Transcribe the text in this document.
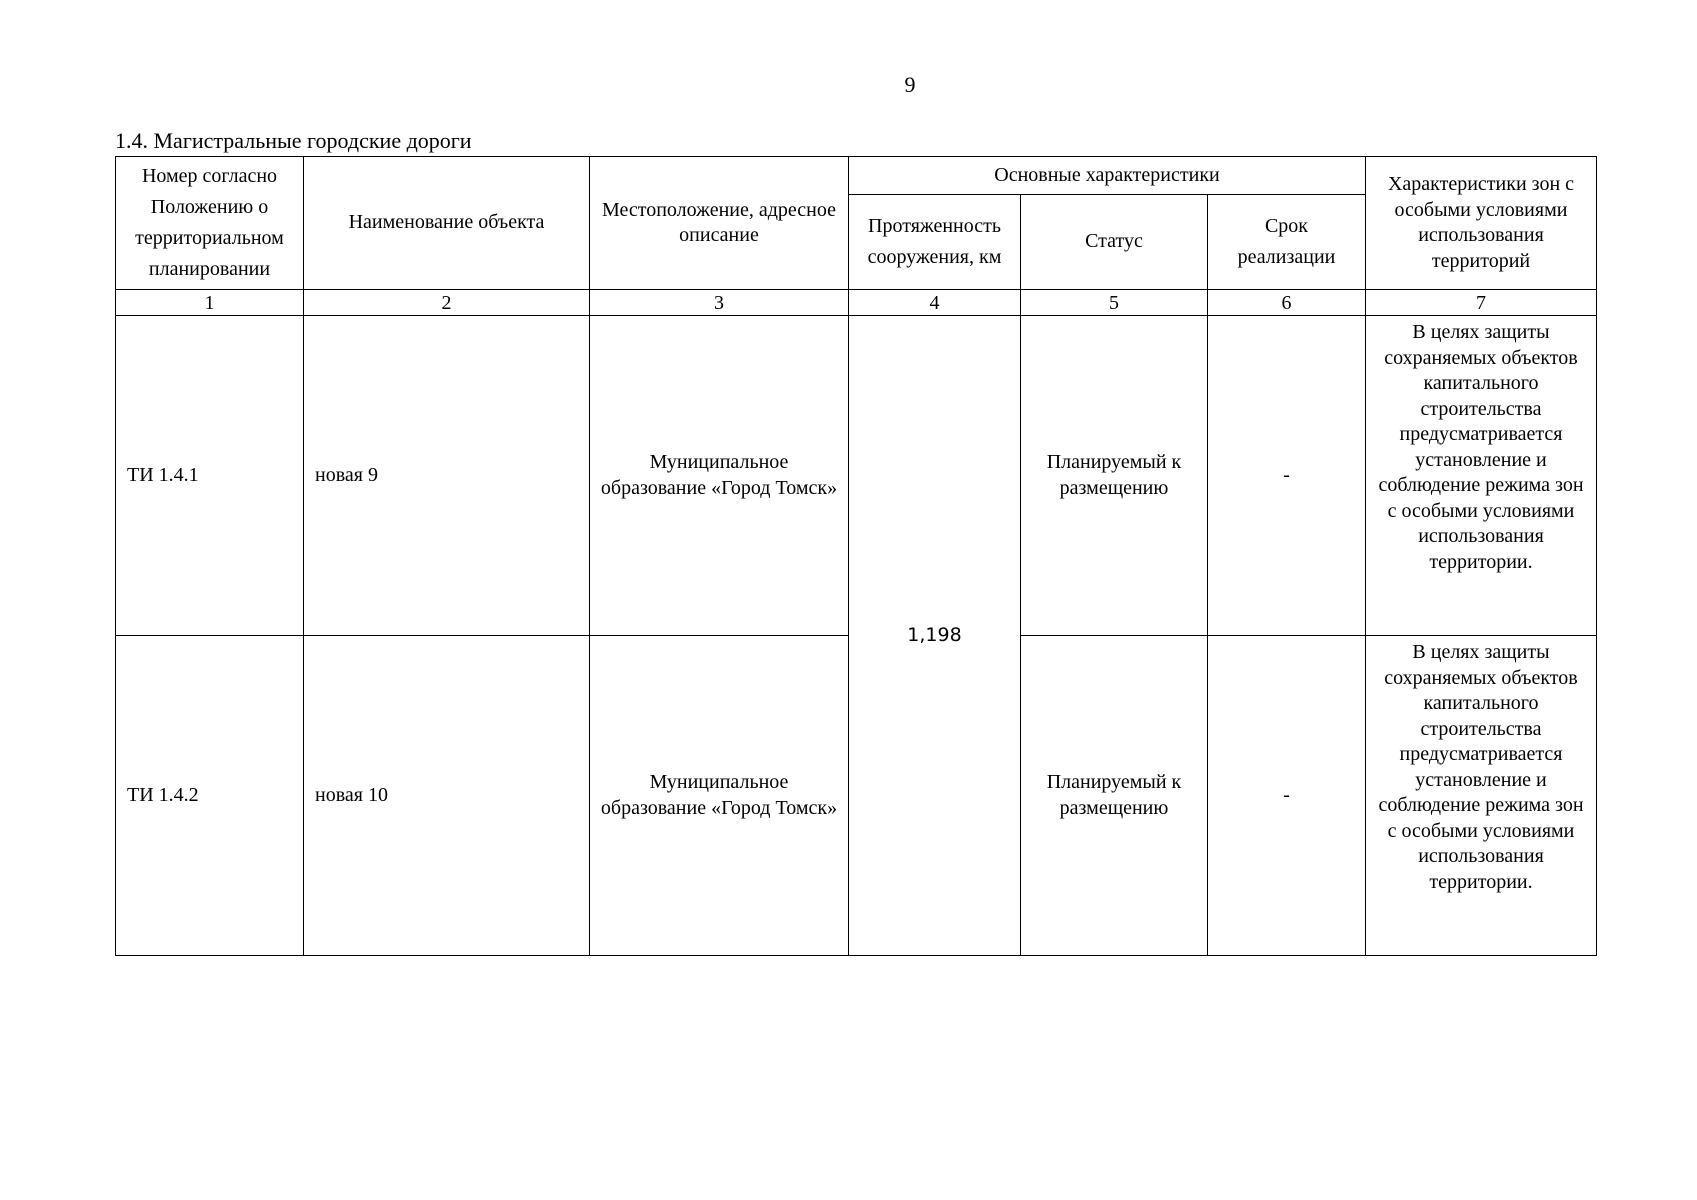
9
1.4. Магистральные городские дороги
Номер согласно Положению о территориальном планировании	Наименование объекта	Местоположение, адресное описание	Основные характеристики			Характеристики зон с особыми условиями использования территорий
			Протяженность сооружения, км	Статус	Срок реализации	
1	2	3	4	5	6	7
ТИ 1.4.1	новая 9	Муниципальное образование «Город Томск»	1,198	Планируемый к размещению	-	В целях защиты сохраняемых объектов капитального строительства предусматривается установление и соблюдение режима зон с особыми условиями использования территории.
ТИ 1.4.2	новая 10	Муниципальное образование «Город Томск»		Планируемый к размещению	-	В целях защиты сохраняемых объектов капитального строительства предусматривается установление и соблюдение режима зон с особыми условиями использования территории.
